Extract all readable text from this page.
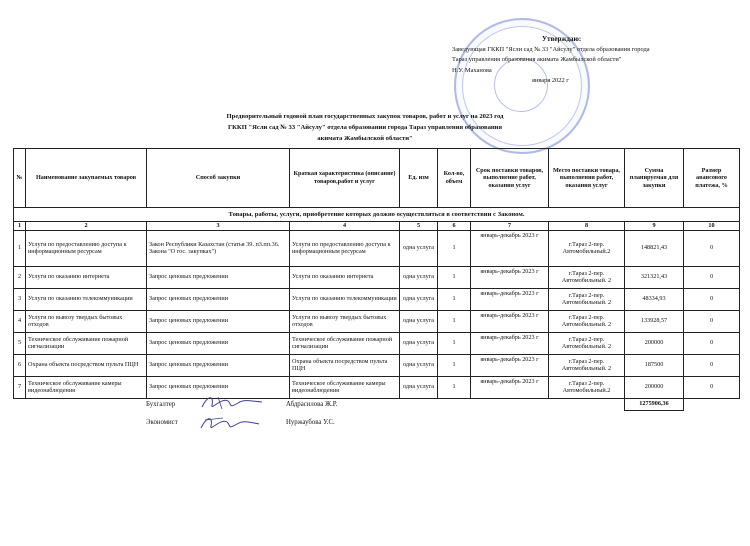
Утверждаю:
Заведующая ГККП "Ясли сад № 33 "Айсулу" отдела образования города
Тараз управления образования акимата Жамбылской области"
Н.У. Маханова
января 2022 г
Предворительный годовой план государственных закупок товаров, работ и услуг на 2023 год
ГККП "Ясли сад № 33 "Айсулу" отдела образовании города Тараз управления образования
акимата Жамбылской области"
№	Наименование закупаемых товаров	Способ закупки	Краткая характеристика (описание) товаров,работ и услуг	Ед. изм	Кол-во, объем	Срок поставки товаров, выполнение работ, оказания услуг	Место поставки товара, выполнения работ, оказания услуг	Сумма планируемая для закупки	Размер авансового платежа, %
Товары, работы, услуги, приобретение которых должно осуществляться в соответствии с Законом.									
1	2	3	4	5	6	7	8	9	10
1	Услуги по предоставлению доступа к информационным ресурсам	Закон Республики Казахстан (статья 39. п3.пп.36. Закона "О гос. закупках")	Услуги по предоставлению доступа к информационным ресурсам	одна услуга	1	январь-декабрь 2023 г	г.Тараз 2-пер. Автомобильный.2	148821,43	0
2	Услуги по оказанию интернета	Запрос ценовых предложении	Услуги по оказанию интернета	одна услуга	1	январь-декабрь 2023 г	г.Тараз 2-пер. Автомобильный. 2	321321,43	0
3	Услуги по оказанию телекоммуникации	Запрос ценовых предложении	Услуги по оказанию телекоммуникации	одна услуга	1	январь-декабрь 2023 г	г.Тараз 2-пер. Автомобильный. 2	48334,93	0
4	Услуги по вывозу твердых бытовых отходов	Запрос ценовых предложении	Услуги по вывозу твердых бытовых отходов	одна услуга	1	январь-декабрь 2023 г	г.Тараз 2-пер. Автомобильный. 2	133928,57	0
5	Техническое обслуживание пожарной сигнализации	Запрос ценовых предложении	Техническое обслуживание пожарной сигнализации	одна услуга	1	январь-декабрь 2023 г	г.Тараз 2-пер. Автомобильный. 2	200000	0
6	Охрана объекта посредством пульта ПЦН	Запрос ценовых предложении	Охрана объекта посредством пульта ПЦН	одна услуга	1	январь-декабрь 2023 г	г.Тараз 2-пер. Автомобильный. 2	187500	0
7	Техническое обслуживание камеры видеонаблюдения	Запрос ценовых предложении	Техническое обслуживание камеры видеонаблюдения	одна услуга	1	январь-декабрь 2023 г	г.Тараз 2-пер. Автомобильный.2	200000	0
								1275906,36	
Бухгалтер	Абдрасилова Ж.Р.
Экономист	Нуржаубова У.С.
